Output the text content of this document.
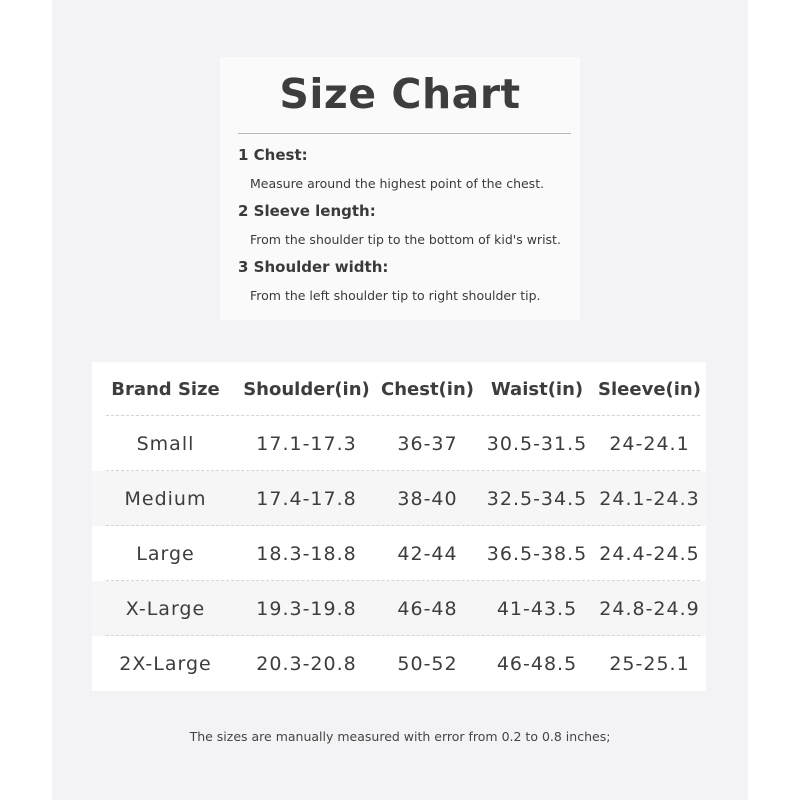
Size Chart

1 Chest:

Measure around the highest point of the chest.

2 Sleeve length:

From the shoulder tip to the bottom of kid's wrist.

3 Shoulder width:

From the left shoulder tip to right shoulder tip.

Brand Size	Shoulder(in)	Chest(in)	Waist(in)	Sleeve(in)
Small	17.1-17.3	36-37	30.5-31.5	24-24.1
Medium	17.4-17.8	38-40	32.5-34.5	24.1-24.3
Large	18.3-18.8	42-44	36.5-38.5	24.4-24.5
X-Large	19.3-19.8	46-48	41-43.5	24.8-24.9
2X-Large	20.3-20.8	50-52	46-48.5	25-25.1

The sizes are manually measured with error from 0.2 to 0.8 inches;
